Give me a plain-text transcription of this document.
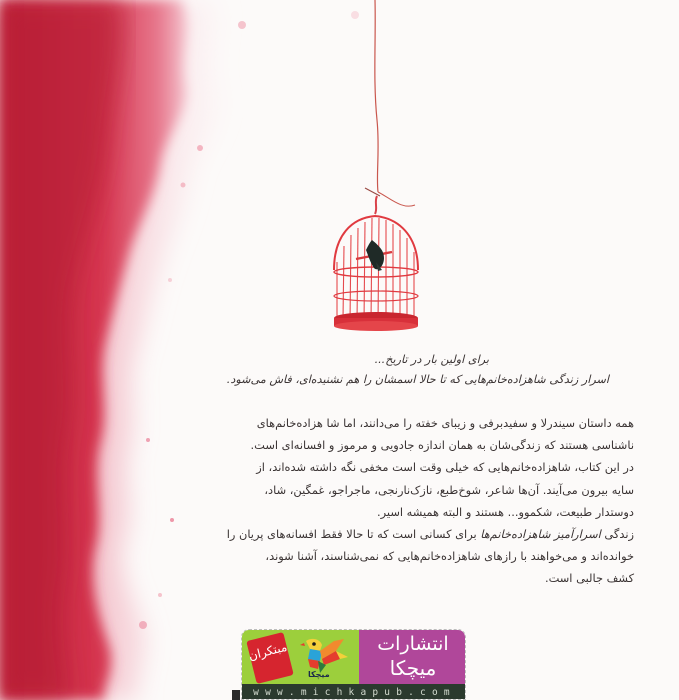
برای اولین بار در تاریخ...
اسرار زندگی شاهزاده‌خانم‌هایی که تا حالا اسمشان را هم نشنیده‌ای، فاش می‌شود.
همه داستان سیندرلا و سفیدبرفی و زیبای خفته را می‌دانند، اما شا هزاده‌خانم‌های
ناشناسی هستند که زندگی‌شان به همان اندازه جادویی و مرموز و افسانه‌ای است.
در این کتاب، شاهزاده‌خانم‌هایی که خیلی وقت است مخفی نگه داشته شده‌اند، از
سایه بیرون می‌آیند. آن‌ها شاعر، شوخ‌طبع، نازک‌نارنجی، ماجراجو، غمگین، شاد،
دوستدار طبیعت، شکموو... هستند و البته همیشه اسیر.
زندگی اسرارآمیز شاهزاده‌خانم‌ها برای کسانی است که تا حالا فقط افسانه‌های پریان را
خوانده‌اند و می‌خواهند با رازهای شاهزاده‌خانم‌هایی که نمی‌شناسند، آشنا شوند،
کشف جالبی است.
مبتکران
میچکا
انتشارات
میچکا
www.michkapub.com
